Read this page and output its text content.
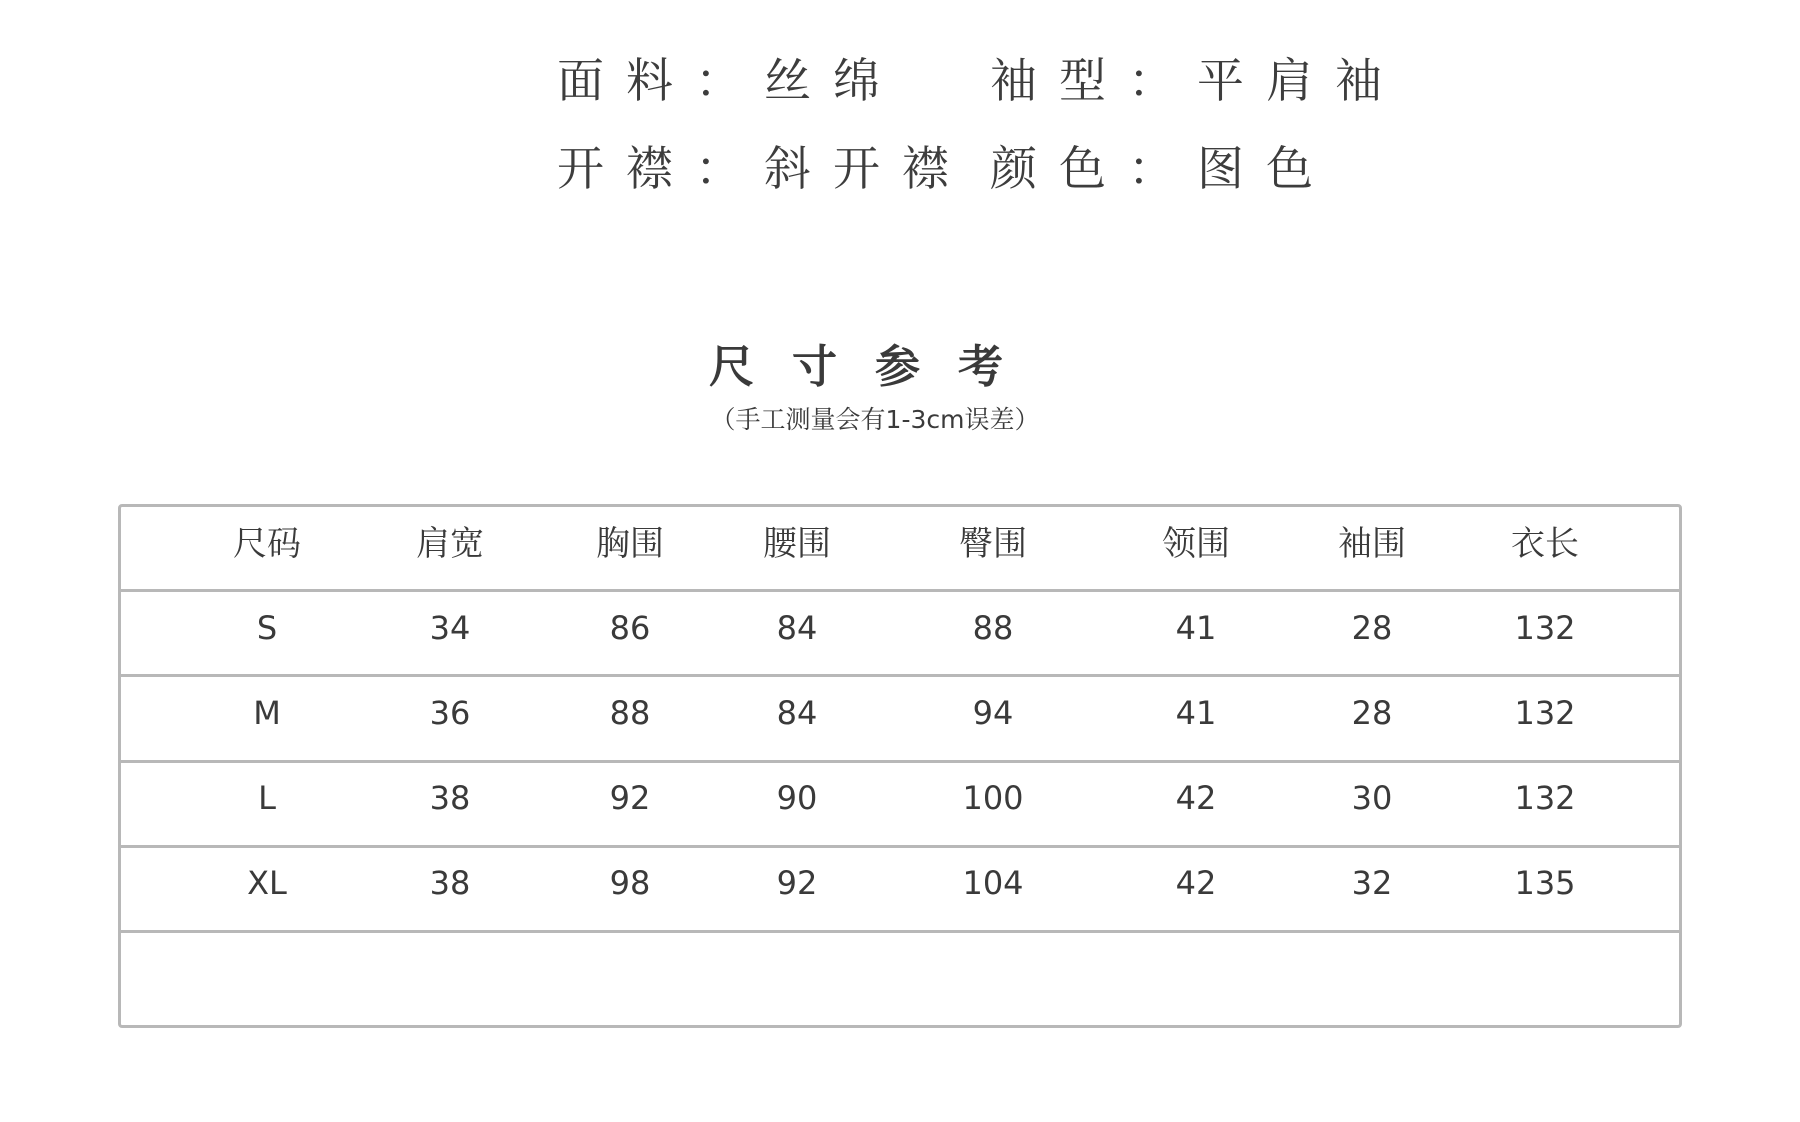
面料：丝绵 袖型：平肩袖
开襟：斜开襟 颜色：图色
尺寸参考
（手工测量会有1-3cm误差）
尺码	肩宽	胸围	腰围	臀围	领围	袖围	衣长
S	34	86	84	88	41	28	132
M	36	88	84	94	41	28	132
L	38	92	90	100	42	30	132
XL	38	98	92	104	42	32	135
